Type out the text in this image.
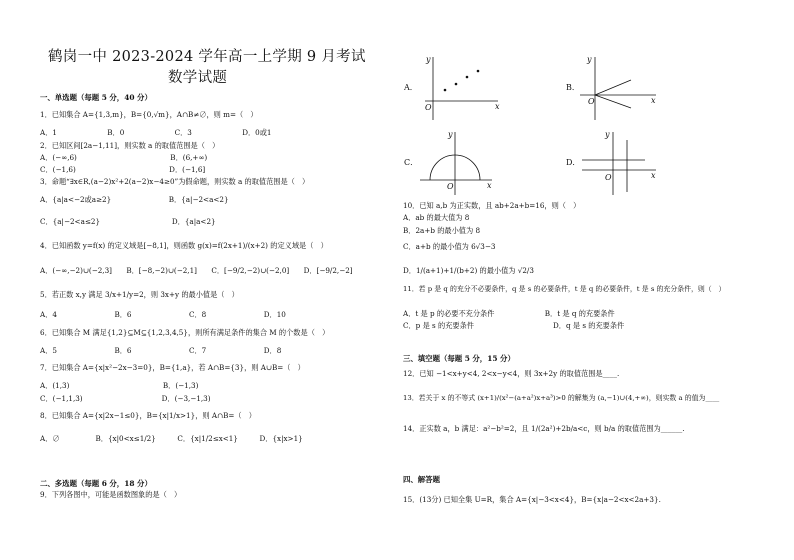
鹤岗一中 2023-2024 学年高一上学期 9 月考试
数学试题
一、单选题（每题 5 分，40 分）
1．已知集合 A={1,3,m}，B={0,√m}，A∩B≠∅，则 m=（　）
A．1　　　　　　　B．0　　　　　　　C．3　　　　　　　D．0或1
2．已知区间[2a−1,11]，则实数 a 的取值范围是（　）
A．(−∞,6)　　　　　　　　　　　　　B．(6,+∞)
C．(−1,6)　　　　　　　　　　　　　D．(−1,6]
3．命题“∃x∈R,(a−2)x²+2(a−2)x−4≥0”为假命题，则实数 a 的取值范围是（　）
A．{a|a<−2或a≥2}　　　　　　　　B．{a|−2<a<2}
C．{a|−2<a≤2}　　　　　　　　　　D．{a|a<2}
4．已知函数 y=f(x) 的定义域是[−8,1]，则函数 g(x)=f(2x+1)/(x+2) 的定义域是（　）
A．(−∞,−2)∪(−2,3]　　B．[−8,−2)∪(−2,1]　　C．[−9/2,−2)∪(−2,0]　　D．[−9/2,−2]
5．若正数 x,y 满足 3/x+1/y=2，则 3x+y 的最小值是（　）
A．4　　　　　　　　B．6　　　　　　　　C．8　　　　　　　　D．10
6．已知集合 M 满足{1,2}⊆M⊆{1,2,3,4,5}，则所有满足条件的集合 M 的个数是（　）
A．5　　　　　　　　B．6　　　　　　　　C．7　　　　　　　　D．8
7．已知集合 A={x|x²−2x−3=0}，B={1,a}，若 A∩B={3}，则 A∪B=（　）
A．(1,3)　　　　　　　　　　　　　B．(−1,3)
C．(−1,1,3)　　　　　　　　　　　D．(−3,−1,3)
8．已知集合 A={x|2x−1≤0}，B={x|1/x>1}，则 A∩B=（　）
A．∅　　　　　B．{x|0<x≤1/2}　　　C．{x|1/2≤x<1}　　　D．{x|x>1}
二、多选题（每题 6 分，18 分）
9．下列各图中，可能是函数图象的是（　）
A．
x
y
O
B．
x
y
O
C．
x
y
O
D．
x
y
O
10．已知 a,b 为正实数，且 ab+2a+b=16，则（　）
A．ab 的最大值为 8
B．2a+b 的最小值为 8
C．a+b 的最小值为 6√3−3
D．1/(a+1)+1/(b+2) 的最小值为 √2/3
11．若 p 是 q 的充分不必要条件，q 是 s 的必要条件，t 是 q 的必要条件，t 是 s 的充分条件，则（　）
A．t 是 p 的必要不充分条件　　　　　　　B．t 是 q 的充要条件
C．p 是 s 的充要条件　　　　　　　　　　　D．q 是 s 的充要条件
三、填空题（每题 5 分，15 分）
12．已知 −1<x+y<4, 2<x−y<4，则 3x+2y 的取值范围是____.
13．若关于 x 的不等式 (x+1)/(x²−(a+a²)x+a³)>0 的解集为 (a,−1)∪(4,+∞)，则实数 a 的值为____
14．正实数 a，b 满足：a²−b²=2，且 1/(2a²)+2b/a<c，则 b/a 的取值范围为______.
四、解答题
15．(13分) 已知全集 U=R，集合 A={x|−3<x<4}，B={x|a−2<x<2a+3}.
